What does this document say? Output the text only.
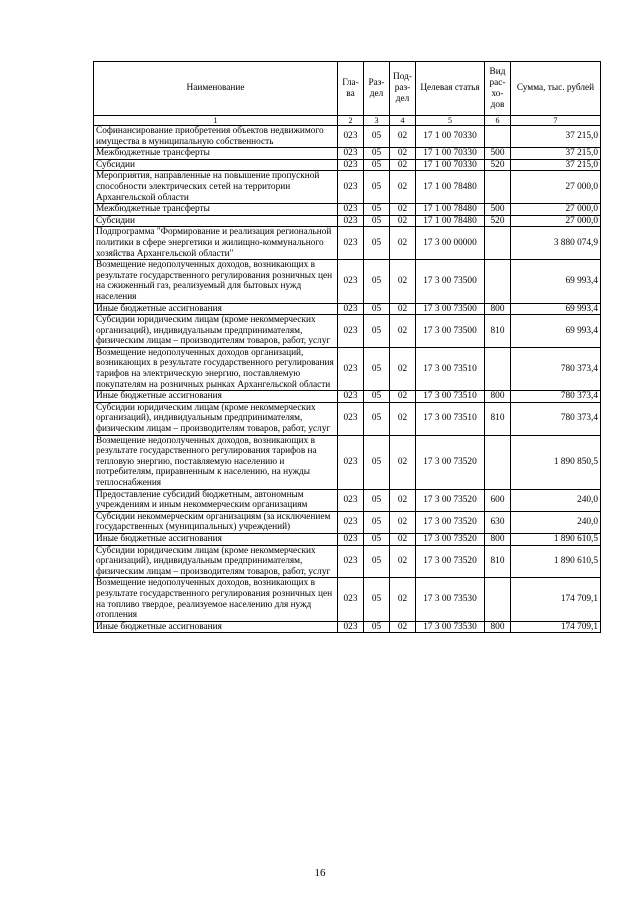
Наименование	Гла-ва	Раз-дел	Под-раз-дел	Целевая статья	Вид рас-хо-дов	Сумма, тыс. рублей
1	2	3	4	5	6	7
Софинансирование приобретения объектов недвижимого имущества в муниципальную собственность	023	05	02	17 1 00 70330		37 215,0
Межбюджетные трансферты	023	05	02	17 1 00 70330	500	37 215,0
Субсидии	023	05	02	17 1 00 70330	520	37 215,0
Мероприятия, направленные на повышение пропускной способности электрических сетей на территории Архангельской области	023	05	02	17 1 00 78480		27 000,0
Межбюджетные трансферты	023	05	02	17 1 00 78480	500	27 000,0
Субсидии	023	05	02	17 1 00 78480	520	27 000,0
Подпрограмма "Формирование и реализация региональной политики в сфере энергетики и жилищно-коммунального хозяйства Архангельской области"	023	05	02	17 3 00 00000		3 880 074,9
Возмещение недополученных доходов, возникающих в результате государственного регулирования розничных цен на сжиженный газ, реализуемый для бытовых нужд населения	023	05	02	17 3 00 73500		69 993,4
Иные бюджетные ассигнования	023	05	02	17 3 00 73500	800	69 993,4
Субсидии юридическим лицам (кроме некоммерческих организаций), индивидуальным предпринимателям, физическим лицам – производителям товаров, работ, услуг	023	05	02	17 3 00 73500	810	69 993,4
Возмещение недополученных доходов организаций, возникающих в результате государственного регулирования тарифов на электрическую энергию, поставляемую покупателям на розничных рынках Архангельской области	023	05	02	17 3 00 73510		780 373,4
Иные бюджетные ассигнования	023	05	02	17 3 00 73510	800	780 373,4
Субсидии юридическим лицам (кроме некоммерческих организаций), индивидуальным предпринимателям, физическим лицам – производителям товаров, работ, услуг	023	05	02	17 3 00 73510	810	780 373,4
Возмещение недополученных доходов, возникающих в результате государственного регулирования тарифов на тепловую энергию, поставляемую населению и потребителям, приравненным к населению, на нужды теплоснабжения	023	05	02	17 3 00 73520		1 890 850,5
Предоставление субсидий бюджетным, автономным учреждениям и иным некоммерческим организациям	023	05	02	17 3 00 73520	600	240,0
Субсидии некоммерческим организациям (за исключением государственных (муниципальных) учреждений)	023	05	02	17 3 00 73520	630	240,0
Иные бюджетные ассигнования	023	05	02	17 3 00 73520	800	1 890 610,5
Субсидии юридическим лицам (кроме некоммерческих организаций), индивидуальным предпринимателям, физическим лицам – производителям товаров, работ, услуг	023	05	02	17 3 00 73520	810	1 890 610,5
Возмещение недополученных доходов, возникающих в результате государственного регулирования розничных цен на топливо твердое, реализуемое населению для нужд отопления	023	05	02	17 3 00 73530		174 709,1
Иные бюджетные ассигнования	023	05	02	17 3 00 73530	800	174 709,1
16
